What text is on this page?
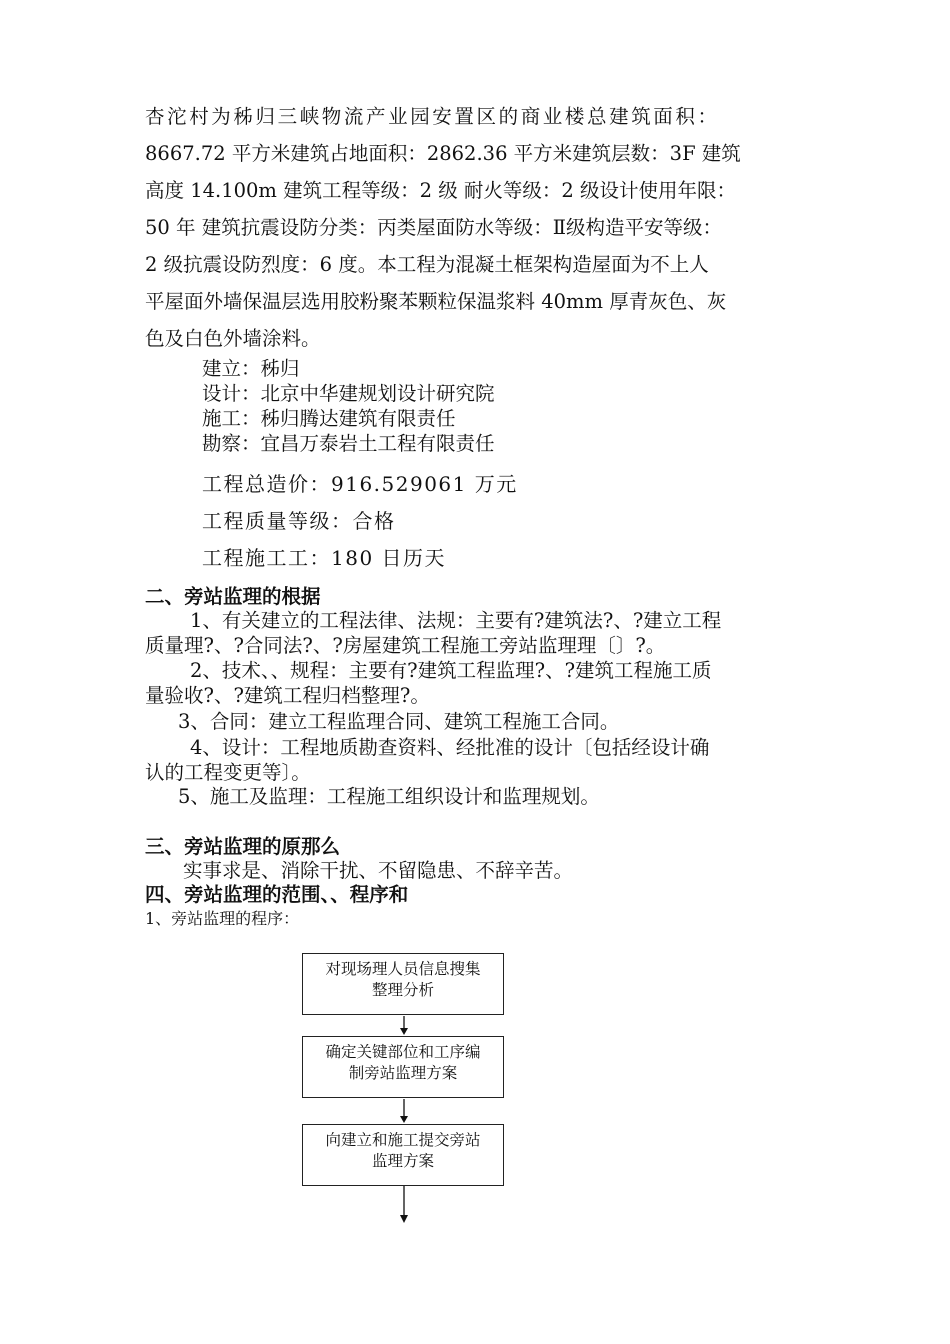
杏沱村为秭归三峡物流产业园安置区的商业楼总建筑面积：
8667.72 平方米建筑占地面积：2862.36 平方米建筑层数：3F 建筑
高度 14.100m 建筑工程等级：2 级 耐火等级：2 级设计使用年限：
50 年 建筑抗震设防分类：丙类屋面防水等级：Ⅱ级构造平安等级：
2 级抗震设防烈度：6 度。本工程为混凝土框架构造屋面为不上人
平屋面外墙保温层选用胶粉聚苯颗粒保温浆料 40mm 厚青灰色、灰
色及白色外墙涂料。
建立：秭归
设计：北京中华建规划设计研究院
施工：秭归腾达建筑有限责任
勘察：宜昌万泰岩土工程有限责任
工程总造价：916.529061 万元
工程质量等级：合格
工程施工工：180 日历天
二、旁站监理的根据
1、有关建立的工程法律、法规：主要有?建筑法?、?建立工程
质量理?、?合同法?、?房屋建筑工程施工旁站监理理〔〕?。
2、技术、、规程：主要有?建筑工程监理?、?建筑工程施工质
量验收?、?建筑工程归档整理?。
3、合同：建立工程监理合同、建筑工程施工合同。
4、设计：工程地质勘查资料、经批准的设计〔包括经设计确
认的工程变更等〕。
5、施工及监理：工程施工组织设计和监理规划。
三、旁站监理的原那么
实事求是、消除干扰、不留隐患、不辞辛苦。
四、旁站监理的范围、、程序和
1、旁站监理的程序：
对现场理人员信息搜集
整理分析
确定关键部位和工序编
制旁站监理方案
向建立和施工提交旁站
监理方案
